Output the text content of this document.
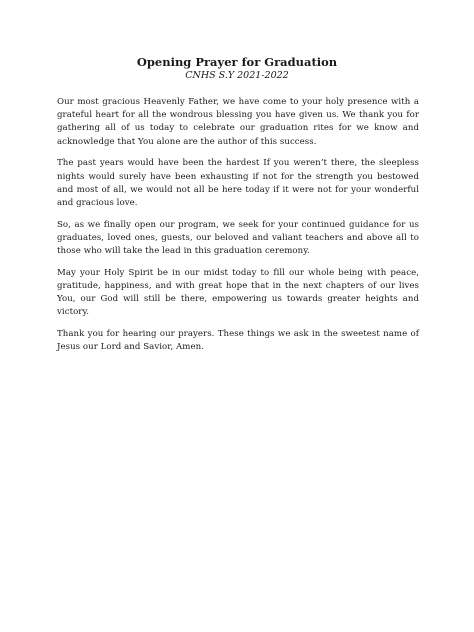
Opening Prayer for Graduation
CNHS S.Y 2021-2022

Our most gracious Heavenly Father, we have come to your holy presence with a grateful heart for all the wondrous blessing you have given us. We thank you for gathering all of us today to celebrate our graduation rites for we know and acknowledge that You alone are the author of this success.

The past years would have been the hardest If you weren’t there, the sleepless nights would surely have been exhausting if not for the strength you bestowed and most of all, we would not all be here today if it were not for your wonderful and gracious love.

So, as we finally open our program, we seek for your continued guidance for us graduates, loved ones, guests, our beloved and valiant teachers and above all to those who will take the lead in this graduation ceremony.

May your Holy Spirit be in our midst today to fill our whole being with peace, gratitude, happiness, and with great hope that in the next chapters of our lives You, our God will still be there, empowering us towards greater heights and victory.

Thank you for hearing our prayers. These things we ask in the sweetest name of Jesus our Lord and Savior, Amen.
